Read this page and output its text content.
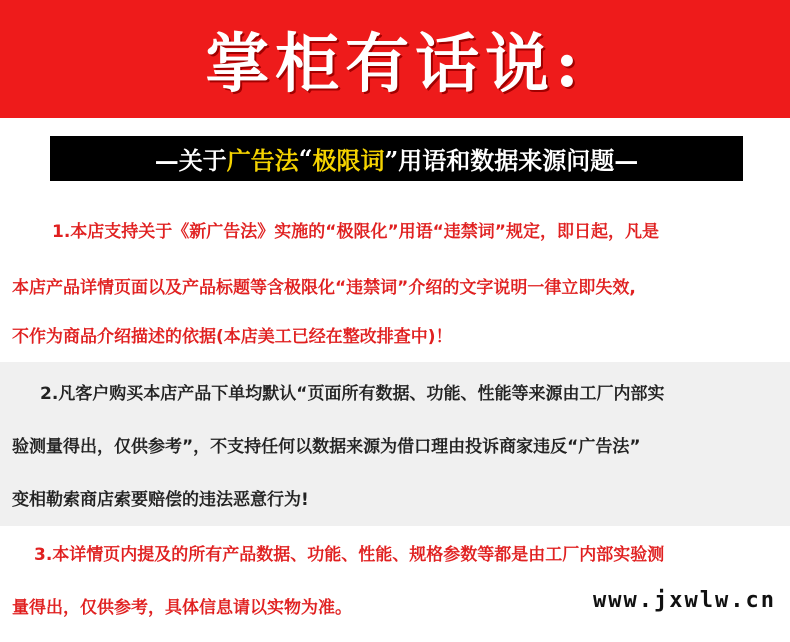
掌柜有话说:
—关于 广告法 “ 极限词 ”用语和数据来源问题—

1.本店支持关于《新广告法》实施的“极限化”用语“违禁词”规定，即日起，凡是

本店产品详情页面以及产品标题等含极限化“违禁词”介绍的文字说明一律立即失效,

不作为商品介绍描述的依据(本店美工已经在整改排查中)！

2.凡客户购买本店产品下单均默认“页面所有数据、功能、性能等来源由工厂内部实

验测量得出，仅供参考”，不支持任何以数据来源为借口理由投诉商家违反“广告法”

变相勒索商店索要赔偿的违法恶意行为!

3.本详情页内提及的所有产品数据、功能、性能、规格参数等都是由工厂内部实验测

量得出，仅供参考，具体信息请以实物为准。	www.jxwlw.cn
